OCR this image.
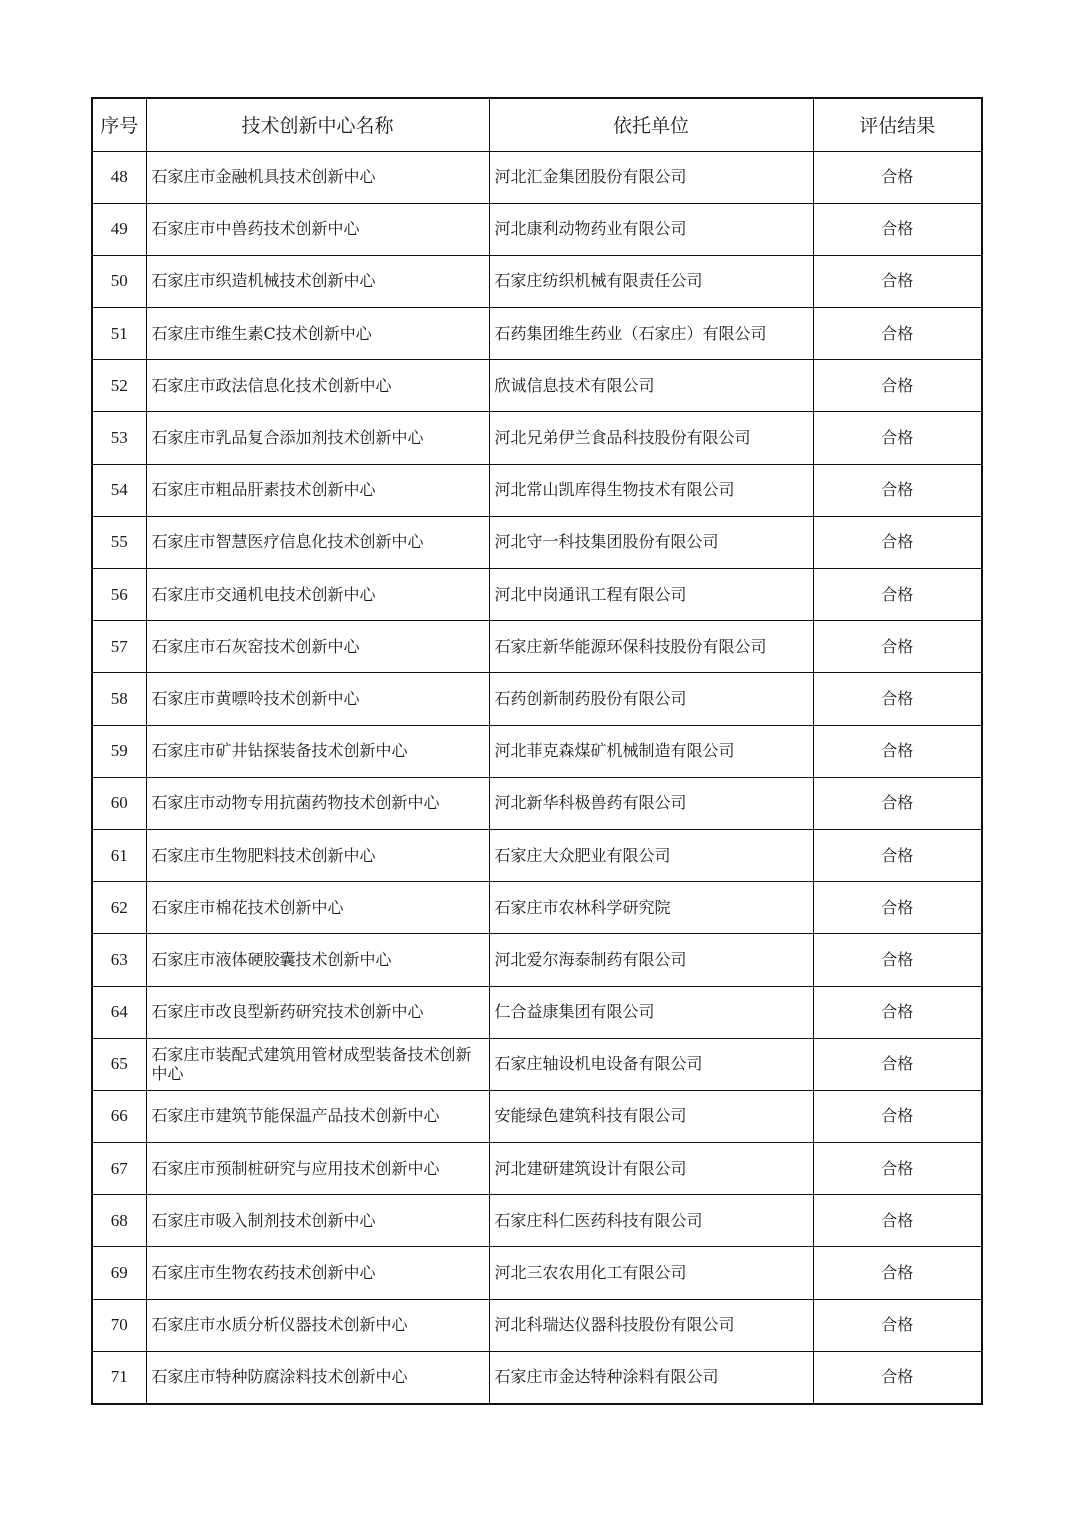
序号	技术创新中心名称	依托单位	评估结果
48	石家庄市金融机具技术创新中心	河北汇金集团股份有限公司	合格
49	石家庄市中兽药技术创新中心	河北康利动物药业有限公司	合格
50	石家庄市织造机械技术创新中心	石家庄纺织机械有限责任公司	合格
51	石家庄市维生素C技术创新中心	石药集团维生药业（石家庄）有限公司	合格
52	石家庄市政法信息化技术创新中心	欣诚信息技术有限公司	合格
53	石家庄市乳品复合添加剂技术创新中心	河北兄弟伊兰食品科技股份有限公司	合格
54	石家庄市粗品肝素技术创新中心	河北常山凯库得生物技术有限公司	合格
55	石家庄市智慧医疗信息化技术创新中心	河北守一科技集团股份有限公司	合格
56	石家庄市交通机电技术创新中心	河北中岗通讯工程有限公司	合格
57	石家庄市石灰窑技术创新中心	石家庄新华能源环保科技股份有限公司	合格
58	石家庄市黄嘌呤技术创新中心	石药创新制药股份有限公司	合格
59	石家庄市矿井钻探装备技术创新中心	河北菲克森煤矿机械制造有限公司	合格
60	石家庄市动物专用抗菌药物技术创新中心	河北新华科极兽药有限公司	合格
61	石家庄市生物肥料技术创新中心	石家庄大众肥业有限公司	合格
62	石家庄市棉花技术创新中心	石家庄市农林科学研究院	合格
63	石家庄市液体硬胶囊技术创新中心	河北爱尔海泰制药有限公司	合格
64	石家庄市改良型新药研究技术创新中心	仁合益康集团有限公司	合格
65	石家庄市装配式建筑用管材成型装备技术创新中心	石家庄轴设机电设备有限公司	合格
66	石家庄市建筑节能保温产品技术创新中心	安能绿色建筑科技有限公司	合格
67	石家庄市预制桩研究与应用技术创新中心	河北建研建筑设计有限公司	合格
68	石家庄市吸入制剂技术创新中心	石家庄科仁医药科技有限公司	合格
69	石家庄市生物农药技术创新中心	河北三农农用化工有限公司	合格
70	石家庄市水质分析仪器技术创新中心	河北科瑞达仪器科技股份有限公司	合格
71	石家庄市特种防腐涂料技术创新中心	石家庄市金达特种涂料有限公司	合格
